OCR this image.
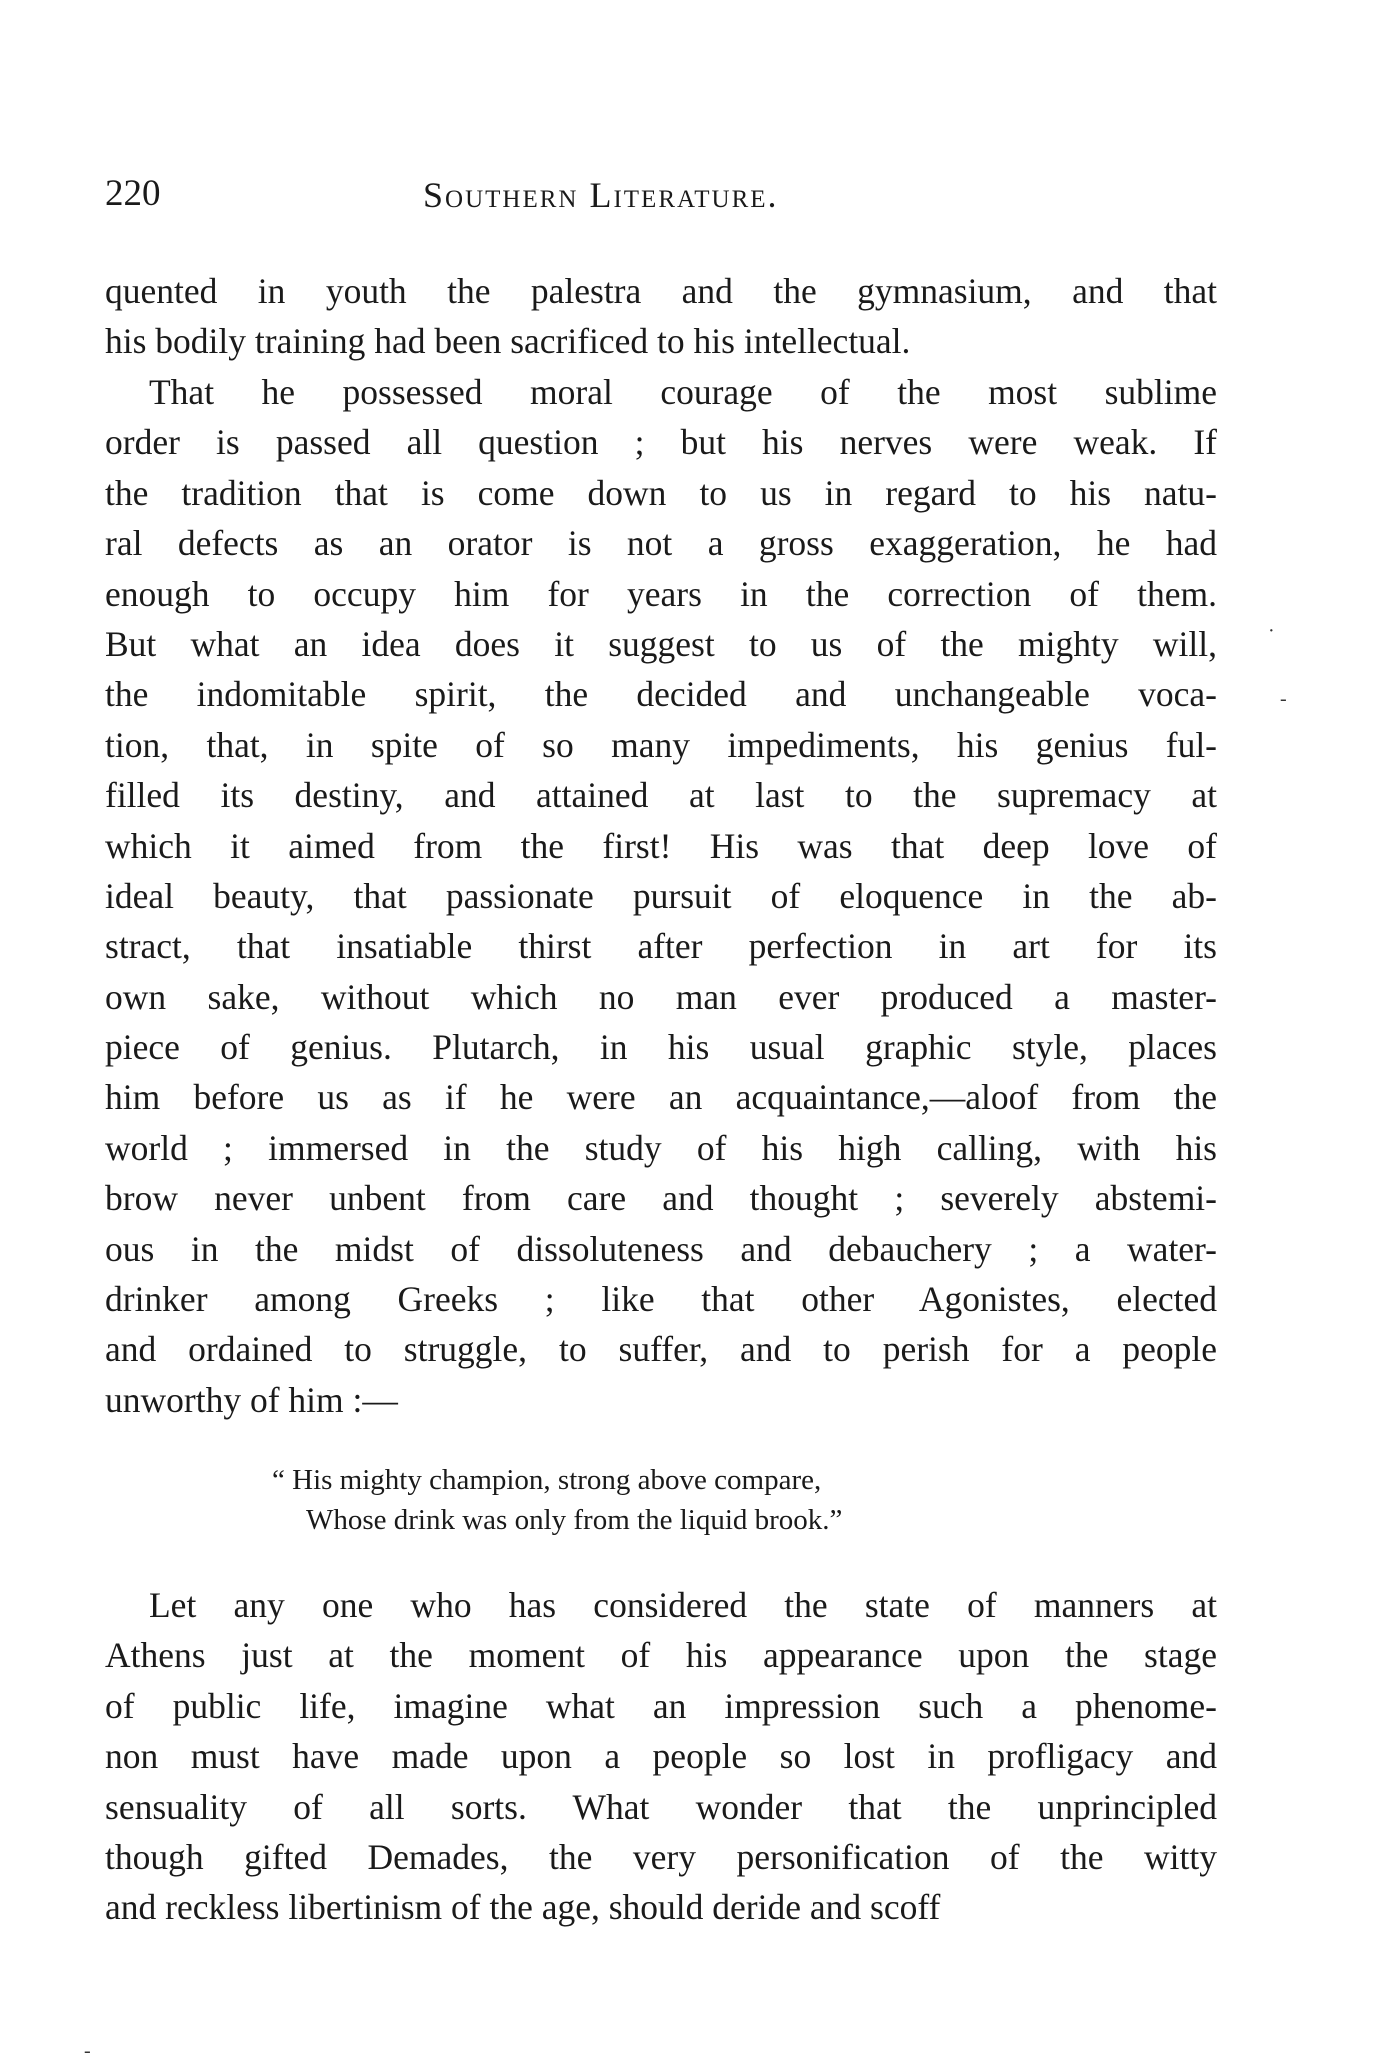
220	Southern Literature.
quented in youth the palestra and the gymnasium, and that
his bodily training had been sacrificed to his intellectual.
That he possessed moral courage of the most sublime
order is passed all question ; but his nerves were weak. If
the tradition that is come down to us in regard to his natu-
ral defects as an orator is not a gross exaggeration, he had
enough to occupy him for years in the correction of them.
But what an idea does it suggest to us of the mighty will,
the indomitable spirit, the decided and unchangeable voca-
tion, that, in spite of so many impediments, his genius ful-
filled its destiny, and attained at last to the supremacy at
which it aimed from the first! His was that deep love of
ideal beauty, that passionate pursuit of eloquence in the ab-
stract, that insatiable thirst after perfection in art for its
own sake, without which no man ever produced a master-
piece of genius. Plutarch, in his usual graphic style, places
him before us as if he were an acquaintance,—aloof from the
world ; immersed in the study of his high calling, with his
brow never unbent from care and thought ; severely abstemi-
ous in the midst of dissoluteness and debauchery ; a water-
drinker among Greeks ; like that other Agonistes, elected
and ordained to struggle, to suffer, and to perish for a people
unworthy of him :—
“ His mighty champion, strong above compare,
Whose drink was only from the liquid brook.”
Let any one who has considered the state of manners at
Athens just at the moment of his appearance upon the stage
of public life, imagine what an impression such a phenome-
non must have made upon a people so lost in profligacy and
sensuality of all sorts. What wonder that the unprincipled
though gifted Demades, the very personification of the witty
and reckless libertinism of the age, should deride and scoff
·
-
-
